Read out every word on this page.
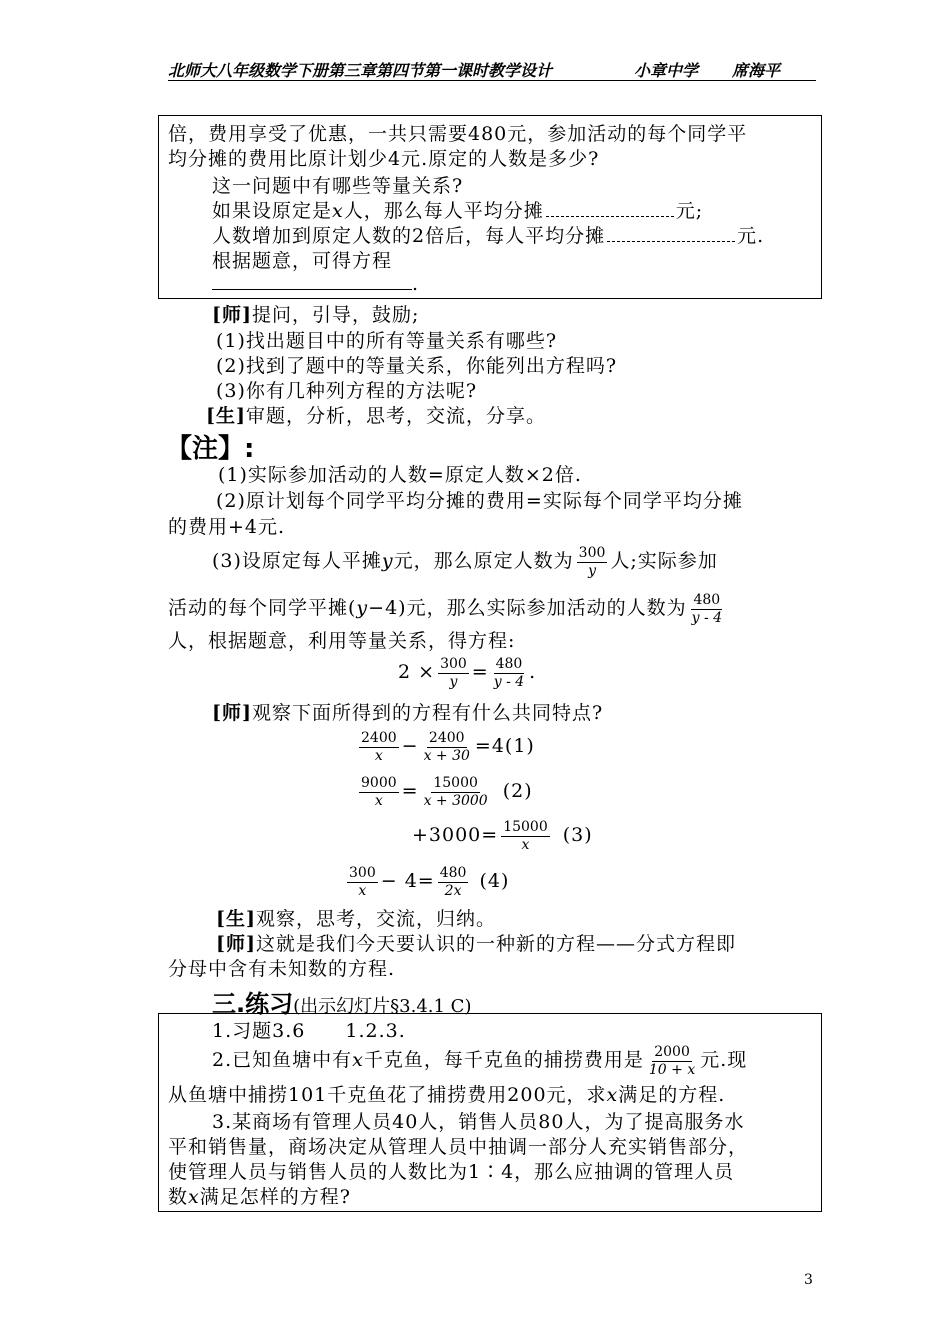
北师大八年级数学下册第三章第四节第一课时教学设计	小章中学 席海平
倍，费用享受了优惠，一共只需要480元，参加活动的每个同学平
均分摊的费用比原计划少4元.原定的人数是多少?
这一问题中有哪些等量关系?
如果设原定是x人，那么每人平均分摊	元;
人数增加到原定人数的2倍后，每人平均分摊	元.
根据题意，可得方程
.
[师]提问，引导，鼓励;
(1)找出题目中的所有等量关系有哪些?
(2)找到了题中的等量关系，你能列出方程吗?
(3)你有几种列方程的方法呢?
[生]审题，分析，思考，交流，分享。
【注】:
(1)实际参加活动的人数=原定人数×2倍.
(2)原计划每个同学平均分摊的费用=实际每个同学平均分摊
的费用+4元.
(3)设原定每人平摊y元，那么原定人数为 $\frac{300}{y}$ 人;实际参加
活动的每个同学平摊(y−4)元，那么实际参加活动的人数为 $\frac{480}{y - 4}$
人，根据题意，利用等量关系，得方程:
$2 \times \frac{300}{y} = \frac{480}{y - 4}$ .
[师]观察下面所得到的方程有什么共同特点?
$\frac{2400}{x} - \frac{2400}{x + 30} =4(1)$
$\frac{9000}{x} = \frac{15000}{x + 3000} (2)$
$+3000= \frac{15000}{x} (3)$
$\frac{300}{x} - 4= \frac{480}{2x} (4)$
[生]观察，思考，交流，归纳。
[师]这就是我们今天要认识的一种新的方程——分式方程即
分母中含有未知数的方程.
三.练习(出示幻灯片§3.4.1 C)
1.习题3.6 1.2.3.
2.已知鱼塘中有x千克鱼，每千克鱼的捕捞费用是 $\frac{2000}{10 + x}$ 元.现
从鱼塘中捕捞101千克鱼花了捕捞费用200元，求x满足的方程.
3.某商场有管理人员40人，销售人员80人，为了提高服务水
平和销售量，商场决定从管理人员中抽调一部分人充实销售部分，
使管理人员与销售人员的人数比为1∶4，那么应抽调的管理人员
数x满足怎样的方程?
3
